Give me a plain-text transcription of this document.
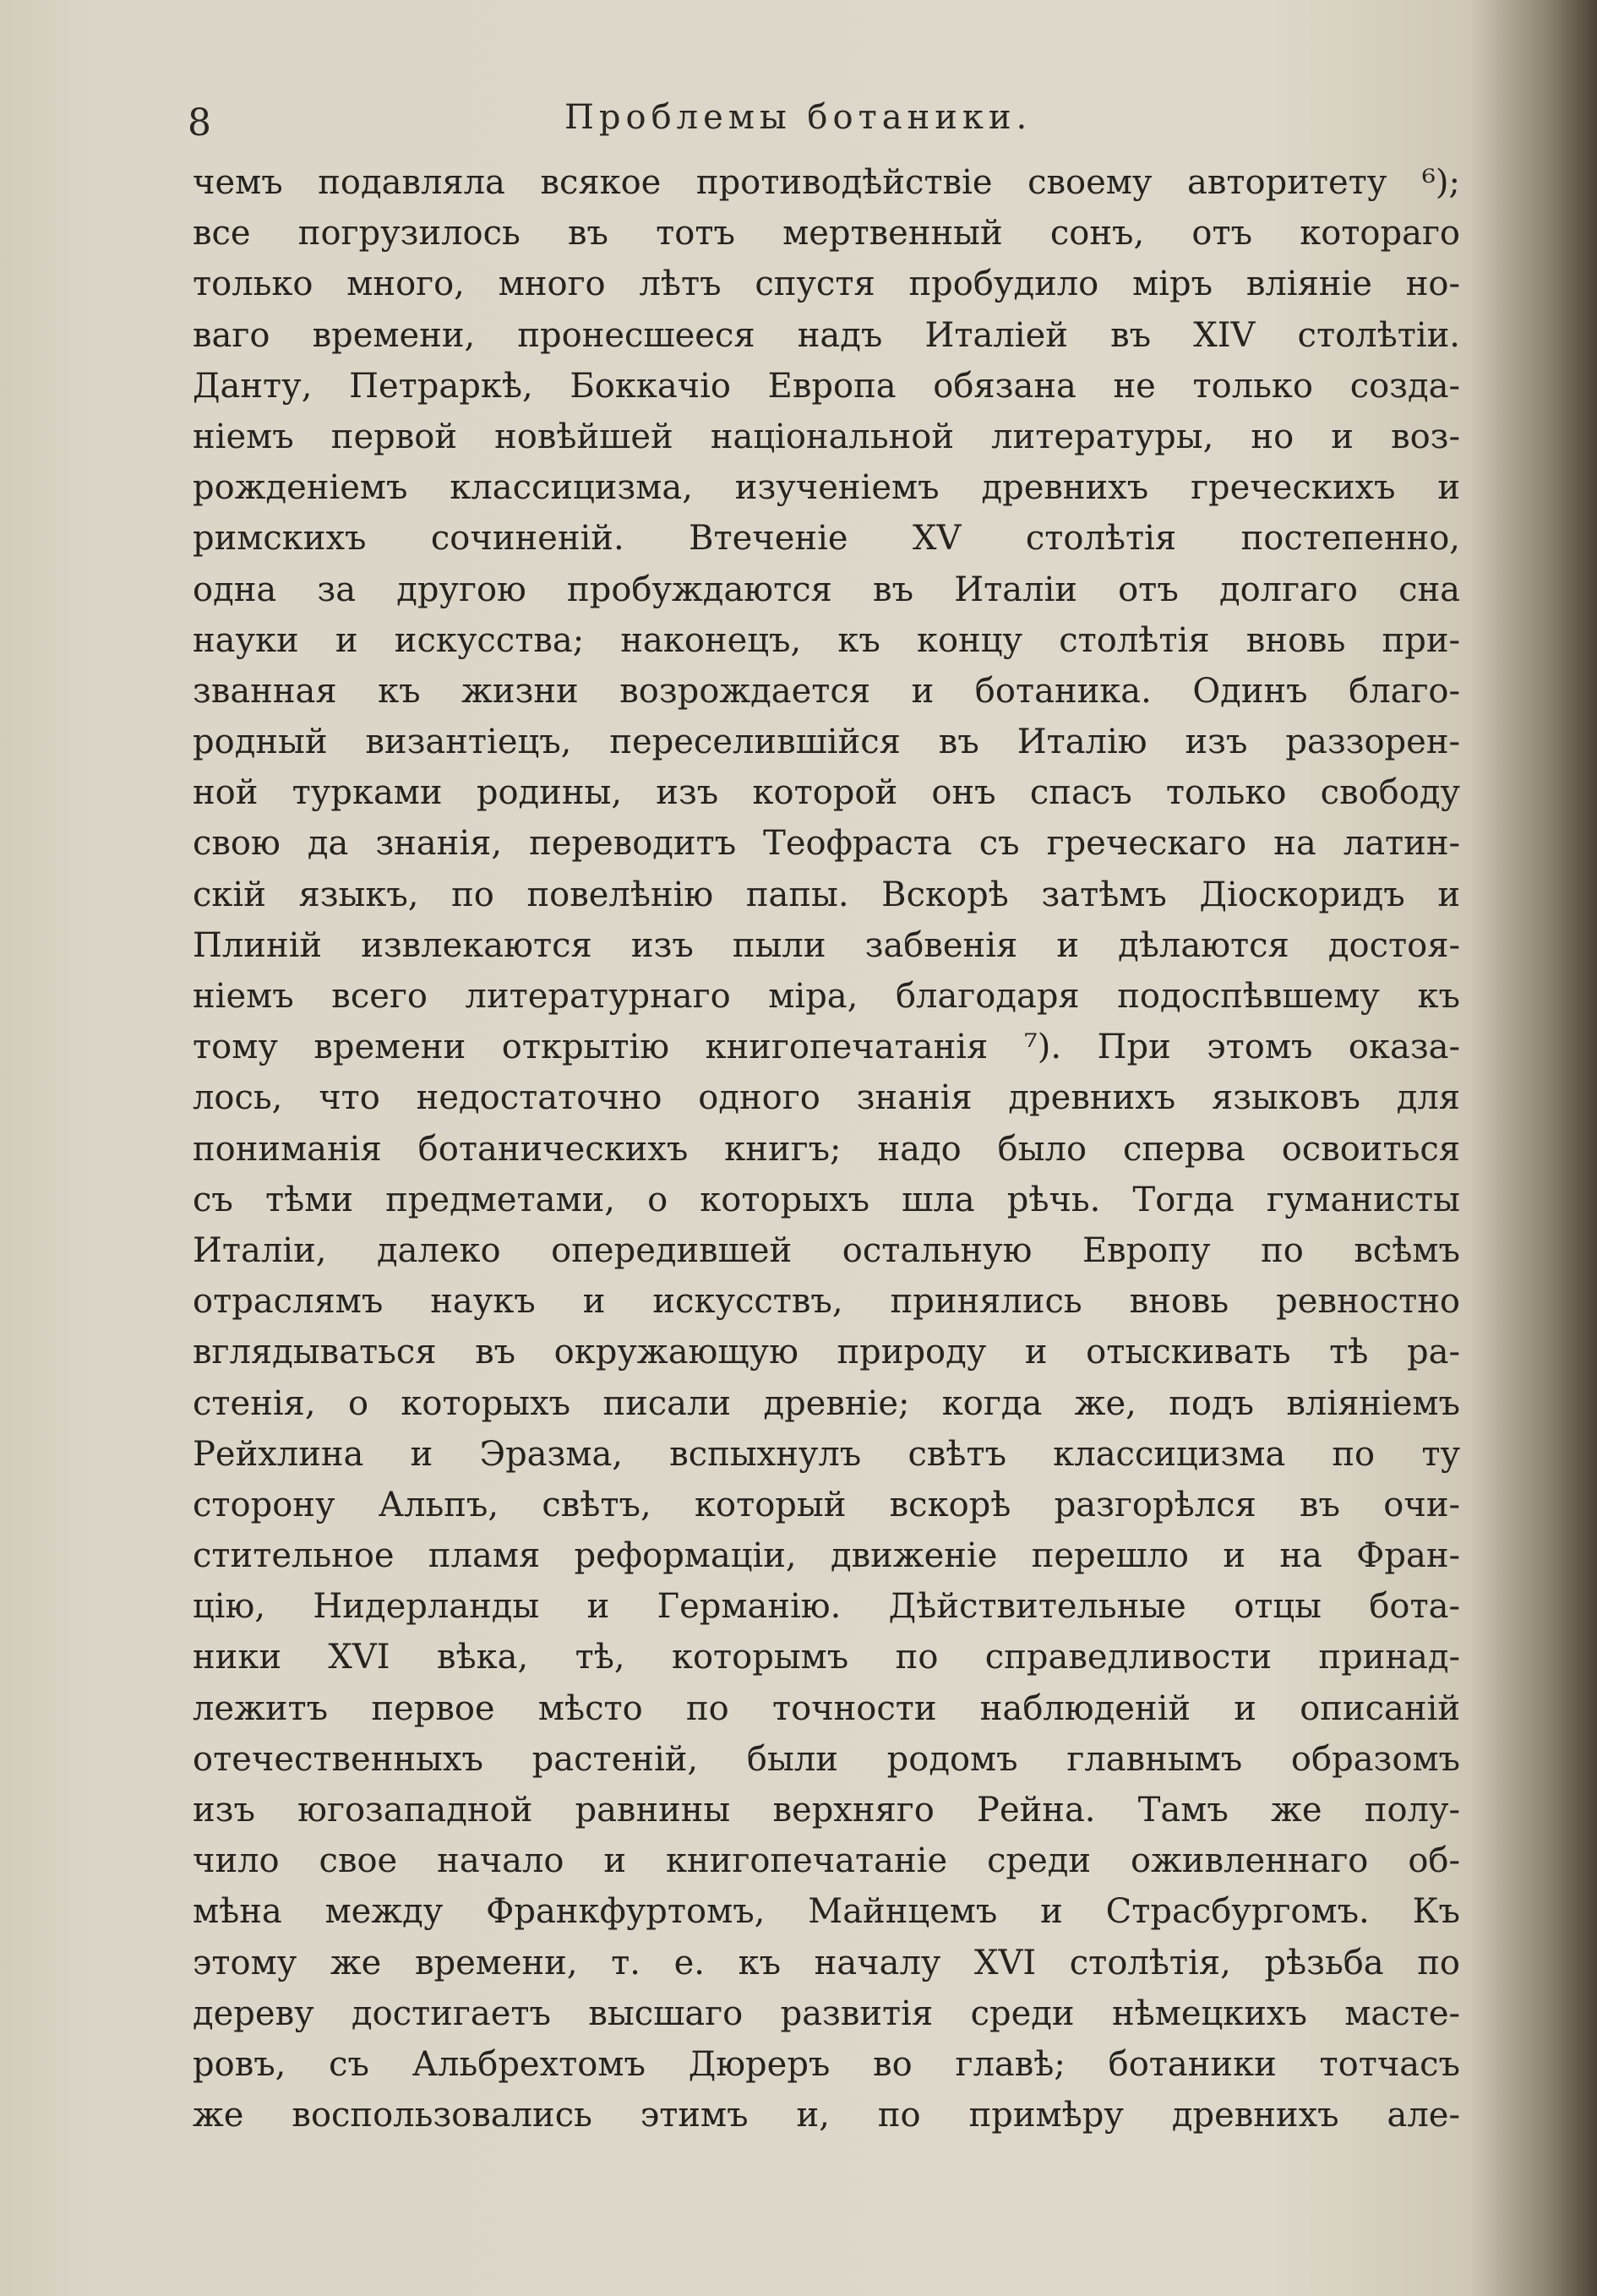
8	Проблемы ботаники.
чемъ подавляла всякое противодѣйствіе своему авторитету ⁶);
все погрузилось въ тотъ мертвенный сонъ, отъ котораго
только много, много лѣтъ спустя пробудило міръ вліяніе но-
ваго времени, пронесшееся надъ Италіей въ XIV столѣтіи.
Данту, Петраркѣ, Боккачіо Европа обязана не только созда-
ніемъ первой новѣйшей національной литературы, но и воз-
рожденіемъ классицизма, изученіемъ древнихъ греческихъ и
римскихъ сочиненій. Втеченіе XV столѣтія постепенно,
одна за другою пробуждаются въ Италіи отъ долгаго сна
науки и искусства; наконецъ, къ концу столѣтія вновь при-
званная къ жизни возрождается и ботаника. Одинъ благо-
родный византіецъ, переселившійся въ Италію изъ раззорен-
ной турками родины, изъ которой онъ спасъ только свободу
свою да знанія, переводитъ Теофраста съ греческаго на латин-
скій языкъ, по повелѣнію папы. Вскорѣ затѣмъ Діоскоридъ и
Плиній извлекаются изъ пыли забвенія и дѣлаются достоя-
ніемъ всего литературнаго міра, благодаря подоспѣвшему къ
тому времени открытію книгопечатанія ⁷). При этомъ оказа-
лось, что недостаточно одного знанія древнихъ языковъ для
пониманія ботаническихъ книгъ; надо было сперва освоиться
съ тѣми предметами, о которыхъ шла рѣчь. Тогда гуманисты
Италіи, далеко опередившей остальную Европу по всѣмъ
отраслямъ наукъ и искусствъ, принялись вновь ревностно
вглядываться въ окружающую природу и отыскивать тѣ ра-
стенія, о которыхъ писали древніе; когда же, подъ вліяніемъ
Рейхлина и Эразма, вспыхнулъ свѣтъ классицизма по ту
сторону Альпъ, свѣтъ, который вскорѣ разгорѣлся въ очи-
стительное пламя реформаціи, движеніе перешло и на Фран-
цію, Нидерланды и Германію. Дѣйствительные отцы бота-
ники XVI вѣка, тѣ, которымъ по справедливости принад-
лежитъ первое мѣсто по точности наблюденій и описаній
отечественныхъ растеній, были родомъ главнымъ образомъ
изъ югозападной равнины верхняго Рейна. Тамъ же полу-
чило свое начало и книгопечатаніе среди оживленнаго об-
мѣна между Франкфуртомъ, Майнцемъ и Страсбургомъ. Къ
этому же времени, т. е. къ началу XVI столѣтія, рѣзьба по
дереву достигаетъ высшаго развитія среди нѣмецкихъ масте-
ровъ, съ Альбрехтомъ Дюреръ во главѣ; ботаники тотчасъ
же воспользовались этимъ и, по примѣру древнихъ але-
